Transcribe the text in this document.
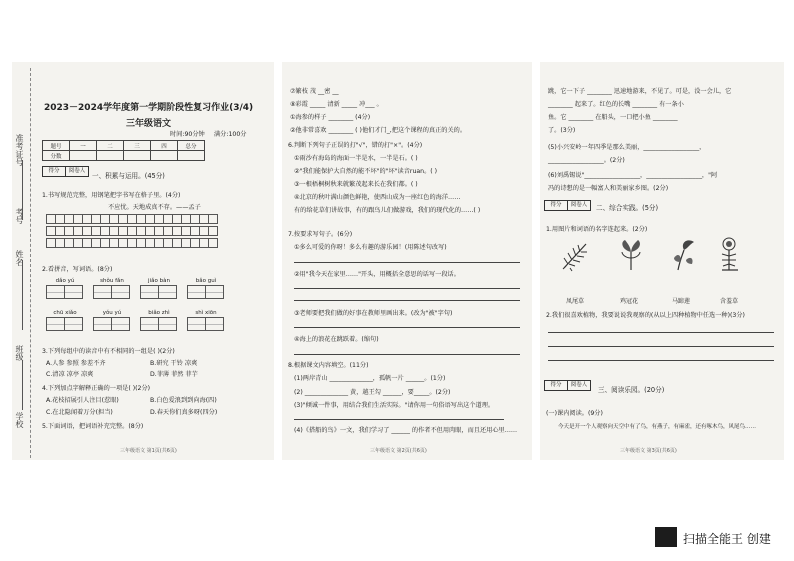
准考证号
考号
姓名
班级
学校
2023－2024学年度第一学期阶段性复习作业(3/4)
三年级语文
时间:90分钟 满分:100分
题号	一	二	三	四	总分
分数					
得分 阅卷人
一、积累与运用。(45分)
1.书写规范完整，用钢笔把字书写在格子里。(4分)
不应忧。天地成真不存。——孟子
2.看拼音，写词语。(8分)
dǎo yú	shǒu fǎn	jiǎo bàn	bǎo guì
chū xiǎo	yǒu yú	biǎo zhì	shì xiōn
3.下列每组中的读音中有不相同的一组是( )(2分)
A.人参 参照 参差不齐	B.研究 干铃 凉爽
C.清凉 凉亭 凉爽	D.菲薄 菲然 菲芋
4.下列加点字解释正确的一项是( )(2分)
A.花枝招展引人注目(惹眼)	B.白色爱浪到到向海(四)
C.在北隐闻着万分(担当)	D.春天你们真多呀(四分)
5.下面词语，把词语补充完整。(8分)
三年级语文 第1页(共6页)
⑦繁枝 茂 __密 __
⑧彩霞 _____ 清新 _____ 冲___ 。
①海参的样子 ________ (4分)
②他非常喜欢 ________ ( )他们才门_,把这个课程的真正的关的。
6.判断下列句子正误的打"√"，错的打"×"。(4分)
①雨沙有海岛的海面一半是水，一半是石。( )
②"我们能保护大自然的能不坏"的"坏"读音ruan。( )
③一根梧桐树秋来就繁茂起来长在我们都。( )
④北京的秋叶满山颜色鲜艳，使西山成为一座红色的海洋……
有的给花草们讲故事，有的跟鸟儿们做游戏，我们的现代化的……( )
7.按要求写句子。(6分)
①多么可爱的你呀！多么有趣的游乐园！(用陈述句改写)
②用"我今天在家里……"开头，用概括全意思的话写一段话。
③老师要把我们做的好事在教师里画出来。(改为"被"字句)
④海上的浪花在跳跃着。(缩句)
8.根据课文内容填空。(11分)
(1)两岸青山 ______________，孤帆一片 ______。(1分)
(2) ______________ 黄，越王勾 ______，要_____。(2分)
(3)"倾诚一件事，用结合我们生活实际。"请你用一句俗语写出这个道理。
(4)《搭船的鸟》一文，我们学习了 ______ 的作者不但用肉眼，而且还用心里……
三年级语文 第2页(共6页)
跳，它一下子 ________ 迅速地游来，不见了。可是，没一会儿，它
________ 起来了。红色的长嘴 ________ 有一条小
鱼。它 ________ 在船头，一口把小鱼 ________
了。(3分)
(5)小兴安岭一年四季是那么美丽，__________________，
__________________。(2分)
(6)刘禹锡说"__________________，__________________，"阿
冯的诗想的是一幅富人和美丽家乡图。(2分)
得分 阅卷人	二、综合实践。(5分)
1.用图片和词语的名字连起来。(2分)
凤尾草	鸡冠花	马蹄莲	含羞草
2.我们很喜欢植物，我要说说我观察的(从以上四种植物中任选一种)(3分)
得分 阅卷人
三、阅读乐园。(20分)
(一)课内阅读。(9分)
今天是开一个人观察向天空中有了鸟，有燕子，有麻雀，还有啄木鸟，风尾鸟……
三年级语文 第3页(共6页)
扫描全能王 创建
